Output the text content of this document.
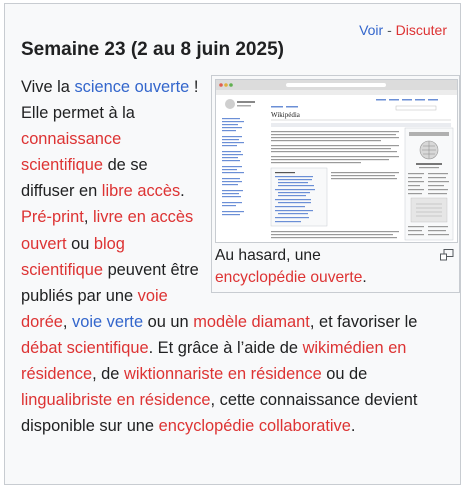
Voir - Discuter
Semaine 23 (2 au 8 juin 2025)
Wikipédia
Au hasard, une encyclopédie ouverte.

Vive la science ouverte ! Elle permet à la connaissance scientifique de se diffuser en libre accès. Pré-print, livre en accès ouvert ou blog scientifique peuvent être publiés par une voie dorée, voie verte ou un modèle diamant, et favoriser le débat scientifique. Et grâce à l’aide de wikimédien en résidence, de wiktionnariste en résidence ou de lingualibriste en résidence, cette connaissance devient disponible sur une encyclopédie collaborative.
